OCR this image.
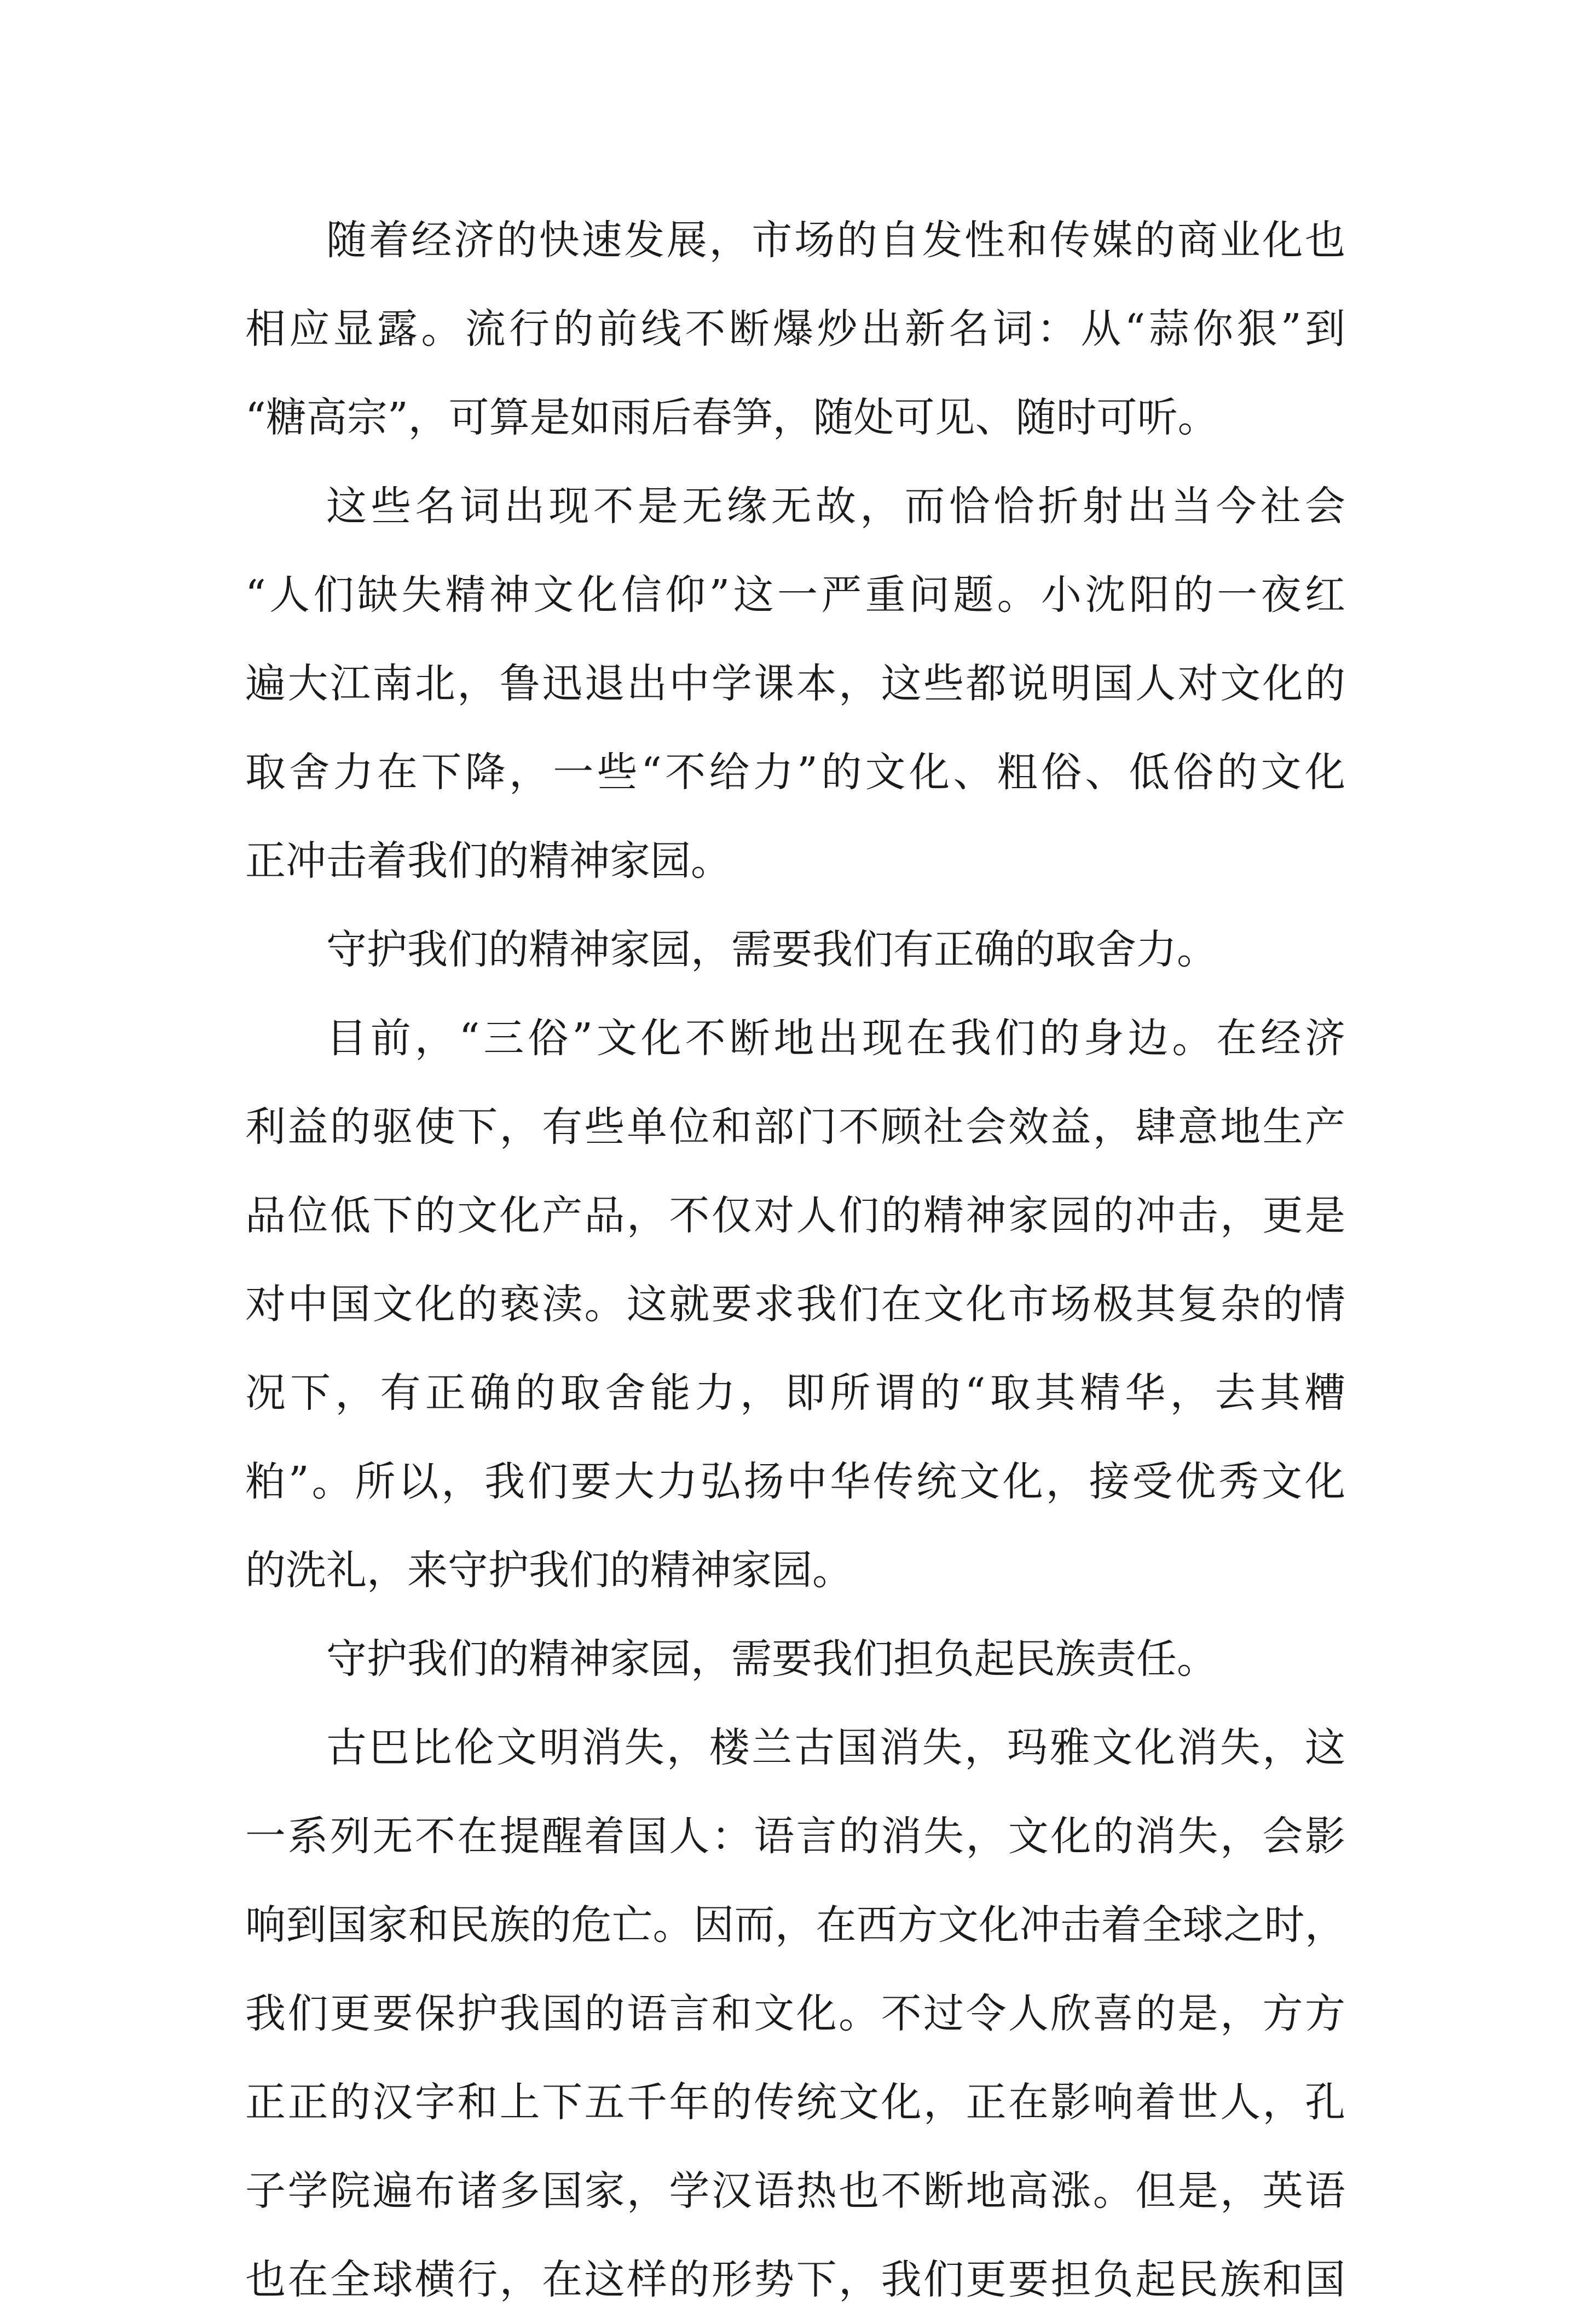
随着经济的快速发展，市场的自发性和传媒的商业化也
相应显露。流行的前线不断爆炒出新名词：从“蒜你狠”到
“糖高宗”，可算是如雨后春笋，随处可见、随时可听。
这些名词出现不是无缘无故，而恰恰折射出当今社会
“人们缺失精神文化信仰”这一严重问题。小沈阳的一夜红
遍大江南北，鲁迅退出中学课本，这些都说明国人对文化的
取舍力在下降，一些“不给力”的文化、粗俗、低俗的文化
正冲击着我们的精神家园。
守护我们的精神家园，需要我们有正确的取舍力。
目前，“三俗”文化不断地出现在我们的身边。在经济
利益的驱使下，有些单位和部门不顾社会效益，肆意地生产
品位低下的文化产品，不仅对人们的精神家园的冲击，更是
对中国文化的亵渎。这就要求我们在文化市场极其复杂的情
况下，有正确的取舍能力，即所谓的“取其精华，去其糟
粕”。所以，我们要大力弘扬中华传统文化，接受优秀文化
的洗礼，来守护我们的精神家园。
守护我们的精神家园，需要我们担负起民族责任。
古巴比伦文明消失，楼兰古国消失，玛雅文化消失，这
一系列无不在提醒着国人：语言的消失，文化的消失，会影
响到国家和民族的危亡。因而，在西方文化冲击着全球之时，
我们更要保护我国的语言和文化。不过令人欣喜的是，方方
正正的汉字和上下五千年的传统文化，正在影响着世人，孔
子学院遍布诸多国家，学汉语热也不断地高涨。但是，英语
也在全球横行，在这样的形势下，我们更要担负起民族和国
